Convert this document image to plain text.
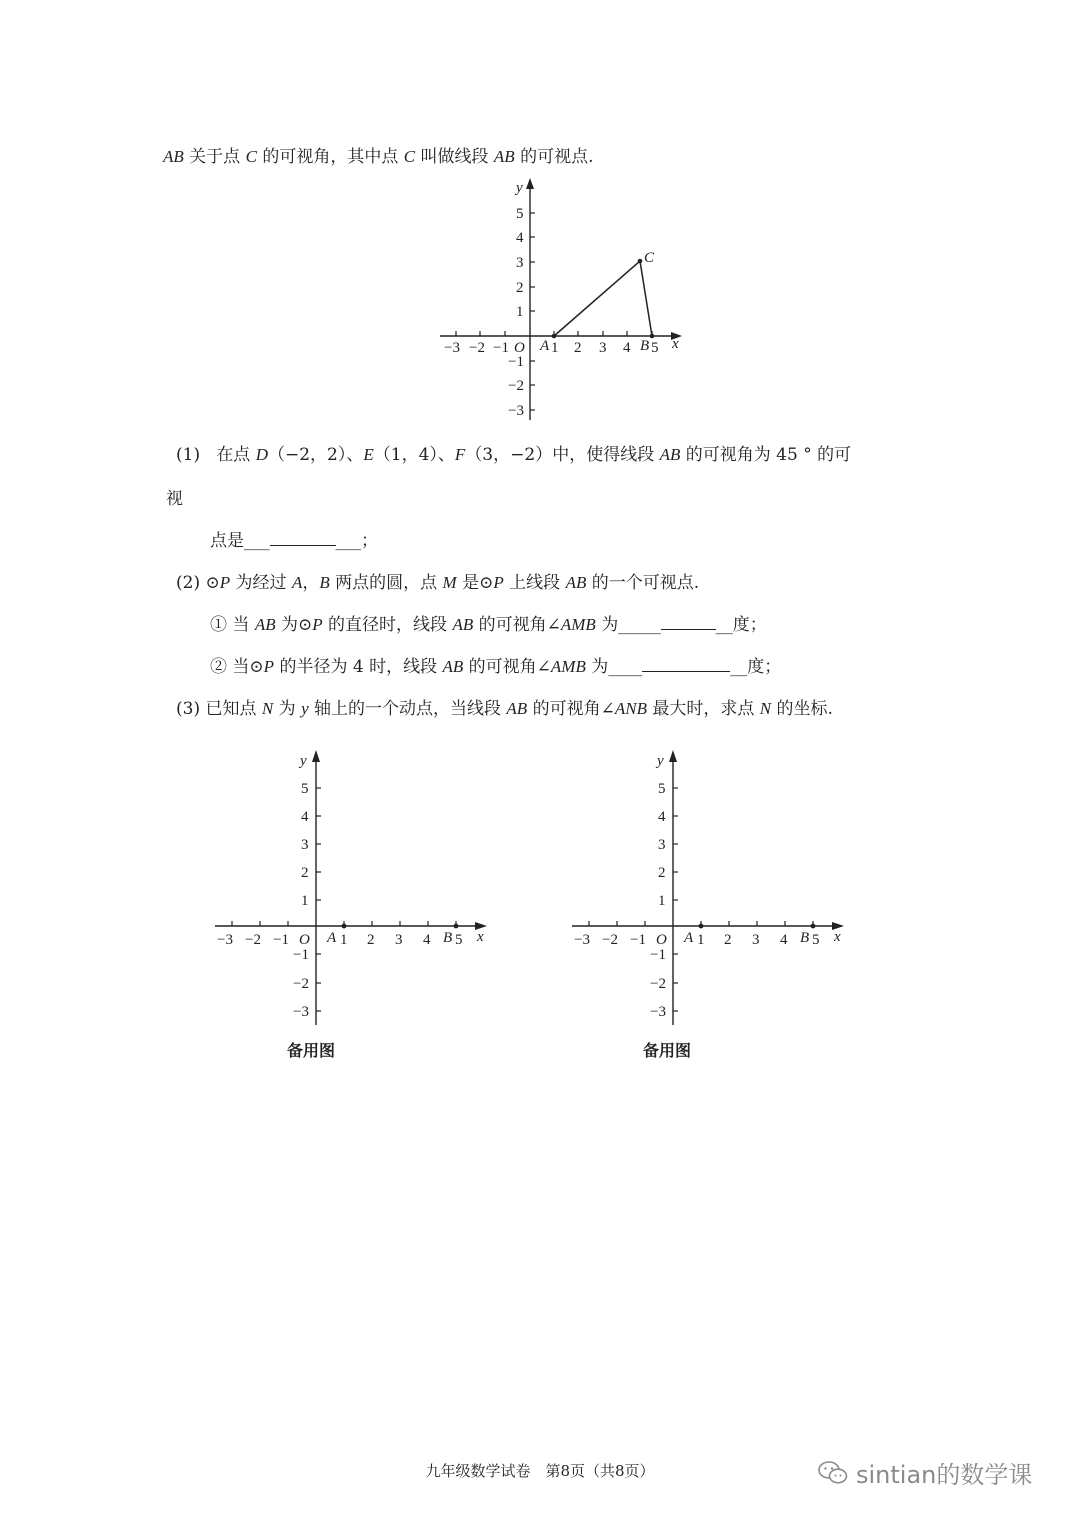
AB 关于点 C 的可视角，其中点 C 叫做线段 AB 的可视点.
−3 −2 −1 O A 1 2 3 4 B 5 x
y
5
4
3
2
1
−1
−2
−3
C
(1) 在点 D（−2，2）、E（1，4）、F（3，−2）中，使得线段 AB 的可视角为 45 ° 的可
视
点是___	___；
(2) ⊙P 为经过 A，B 两点的圆，点 M 是⊙P 上线段 AB 的一个可视点.
① 当 AB 为⊙P 的直径时，线段 AB 的可视角∠AMB 为_____	__度；
② 当⊙P 的半径为 4 时，线段 AB 的可视角∠AMB 为____	__度；
(3) 已知点 N 为 y 轴上的一个动点，当线段 AB 的可视角∠ANB 最大时，求点 N 的坐标.
−3 −2 −1 O A 1 2 3 4 B 5 x
y
5
4
3
2
1
−1
−2
−3
备用图
−3 −2 −1 O A 1 2 3 4 B 5 x
y
5
4
3
2
1
−1
−2
−3
备用图
九年级数学试卷　第8页（共8页）	sintian的数学课
